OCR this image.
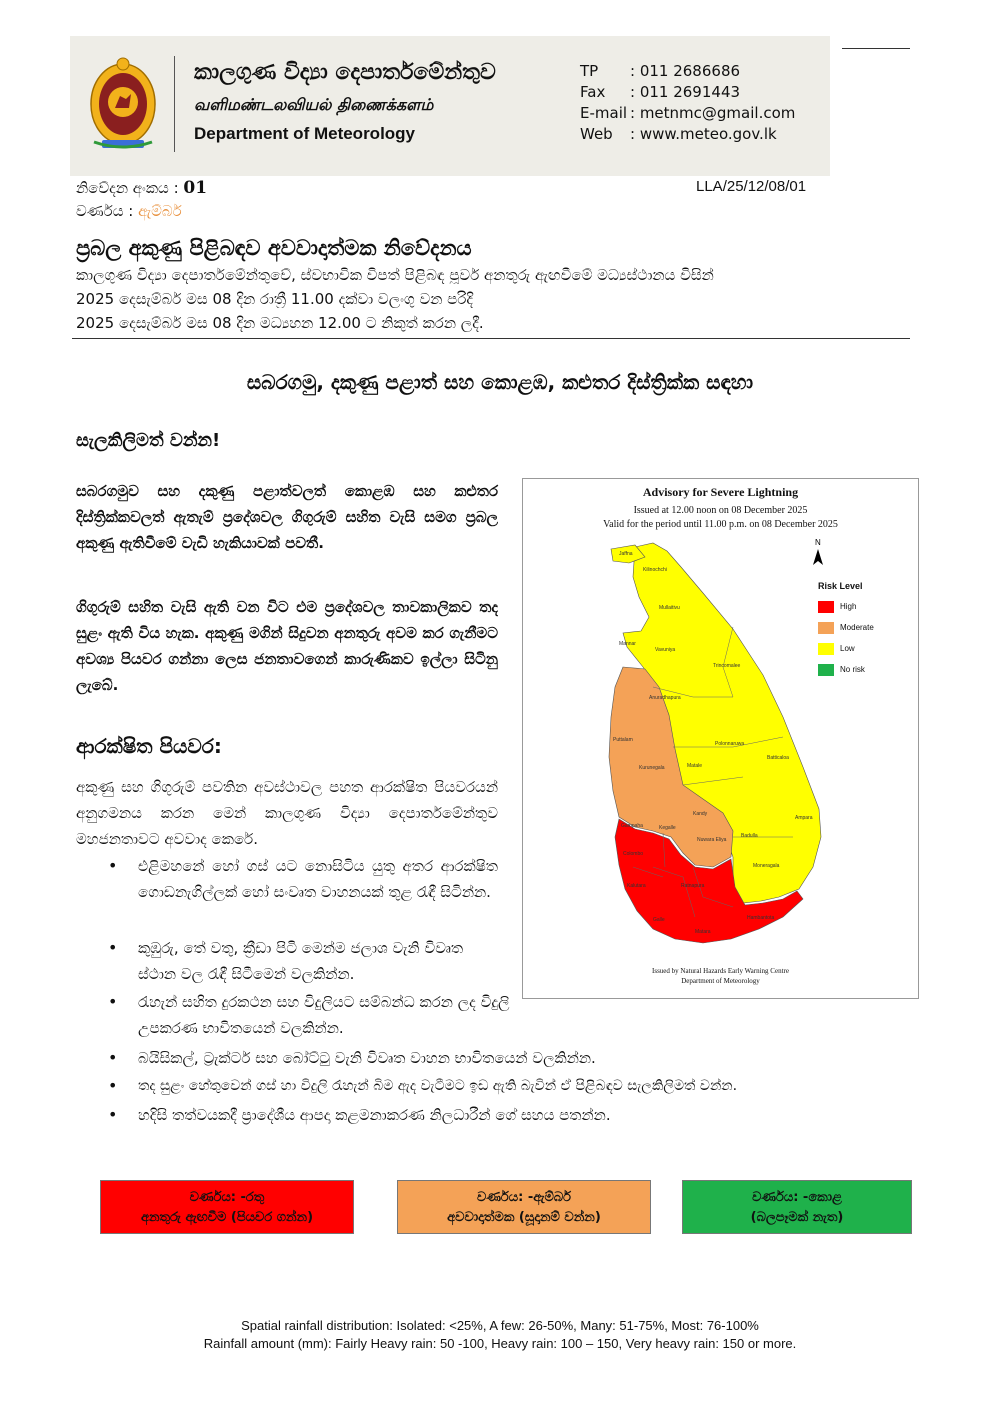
කාලගුණ විද්‍යා දෙපාර්තමේන්තුව
வளிமண்டலவியல் திணைக்களம்
Department of Meteorology
TP : 011 2686686
Fax : 011 2691443
E-mail : metnmc@gmail.com
Web : www.meteo.gov.lk
නිවේදන අංකය : 01
වර්ණය : ඇම්බර්
LLA/25/12/08/01
ප්‍රබල අකුණු පිළිබඳව අවවාදාත්මක නිවේදනය
කාලගුණ විද්‍යා දෙපාර්තමේන්තුවේ, ස්වභාවික විපත් පිළිබඳ පූර්ව අනතුරු ඇඟවීමේ මධ්‍යස්ථානය විසින්
2025 දෙසැම්බර් මස 08 දින රාත්‍රී 11.00 දක්වා වලංගු වන පරිදි
2025 දෙසැම්බර් මස 08 දින මධ්‍යහන 12.00 ට නිකුත් කරන ලදී.
සබරගමු, දකුණු පළාත් සහ කොළඹ, කළුතර දිස්ත්‍රික්ක සඳහා
සැලකිලිමත් වන්න!
සබරගමුව සහ දකුණු පළාත්වලත් කොළඹ සහ කළුතර දිස්ත්‍රික්කවලත් ඇතැම් ප්‍රදේශවල ගිගුරුම් සහිත වැසි සමග ප්‍රබල අකුණු ඇතිවීමේ වැඩි හැකියාවක් පවතී.
ගිගුරුම් සහිත වැසි ඇති වන විට එම ප්‍රදේශවල තාවකාලිකව තද සුළං ඇති විය හැක. අකුණු මගින් සිදුවන අනතුරු අවම කර ගැනීමට අවශ්‍ය පියවර ගන්නා ලෙස ජනතාවගෙන් කාරුණිකව ඉල්ලා සිටිනු ලැබේ.
ආරක්ෂිත පියවර:
අකුණු සහ ගිගුරුම් පවතින අවස්ථාවල පහත ආරක්ෂිත පියවරයන් අනුගමනය කරන මෙන් කාලගුණ විද්‍යා දෙපාර්තමේන්තුව මහජනතාවට අවවාද කෙරේ.
• එළිමහනේ හෝ ගස් යට නොසිටිය යුතු අතර ආරක්ෂිත ගොඩනැගිල්ලක් හෝ සංවෘත වාහනයක් තුළ රැඳී සිටින්න.
• කුඹුරු, තේ වතු, ක්‍රීඩා පිටි මෙන්ම ජලාශ වැනි විවෘත ස්ථාන වල රැඳී සිටීමෙන් වලකින්න.
• රැහැන් සහිත දුරකථන සහ විදුලියට සම්බන්ධ කරන ලද විදුලි උපකරණ භාවිතයෙන් වලකින්න.
• බයිසිකල්, ට්‍රැක්ටර් සහ බෝට්ටු වැනි විවෘත වාහන භාවිතයෙන් වලකින්න.
• තද සුළං හේතුවෙන් ගස් හා විදුලි රැහැන් බිම ඇද වැටීමට ඉඩ ඇති බැවින් ඒ පිළිබඳව සැලකිලිමත් වන්න.
• හදිසි තත්වයකදී ප්‍රාදේශීය ආපදා කළමනාකරණ නිලධාරීන් ගේ සහය පතන්න.
Advisory for Severe Lightning
Issued at 12.00 noon on 08 December 2025
Valid for the period until 11.00 p.m. on 08 December 2025
Jaffna
Kilinochchi
Mullaitivu
Mannar
Vavuniya
Trincomalee
Anuradhapura
Polonnaruwa
Batticaloa
Puttalam
Kurunegala	Matale
Kandy
Ampara
Gampaha
Nuwara Eliya
Badulla
Colombo
Kegalle
Moneragala
Kalutara	Ratnapura
Galle
Matara
Hambantota
N
Risk Level
High
Moderate
Low
No risk
Issued by Natural Hazards Early Warning Centre
Department of Meteorology
වර්ණය: -රතු
අනතුරු ඇඟවීම (පියවර ගන්න)
වර්ණය: -ඇම්බර්
අවවාදාත්මක (සූදානම් වන්න)
වර්ණය: -කොළ
(බලපෑමක් නැත)
Spatial rainfall distribution: Isolated: <25%, A few: 26-50%, Many: 51-75%, Most: 76-100%
Rainfall amount (mm): Fairly Heavy rain: 50 -100, Heavy rain: 100 – 150, Very heavy rain: 150 or more.
